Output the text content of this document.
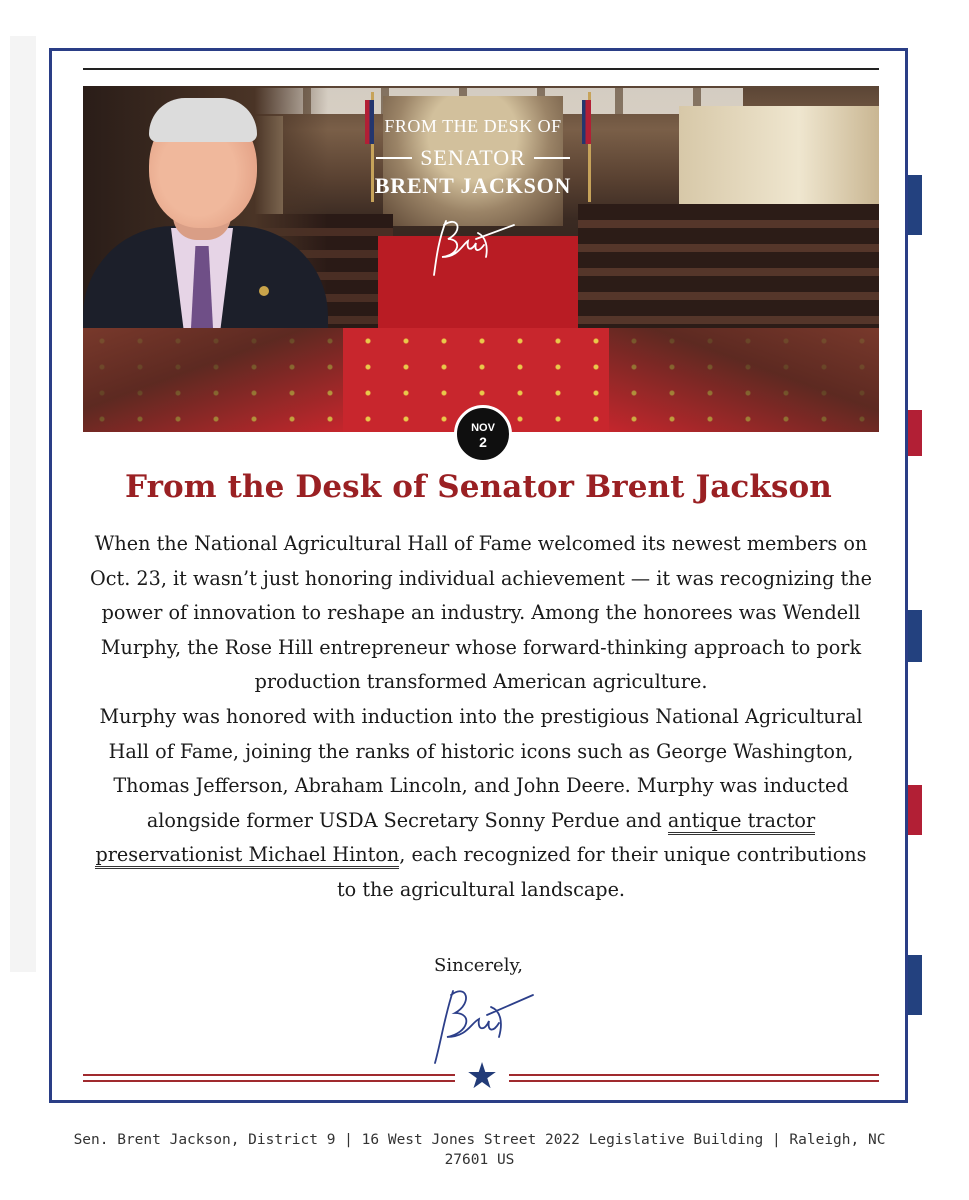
FROM THE DESK OF
SENATOR
BRENT JACKSON
NOV
2
From the Desk of Senator Brent Jackson

When the National Agricultural Hall of Fame welcomed its newest members on Oct. 23, it wasn’t just honoring individual achievement — it was recognizing the power of innovation to reshape an industry. Among the honorees was Wendell Murphy, the Rose Hill entrepreneur whose forward-thinking approach to pork production transformed American agriculture.

Murphy was honored with induction into the prestigious National Agricultural Hall of Fame, joining the ranks of historic icons such as George Washington, Thomas Jefferson, Abraham Lincoln, and John Deere. Murphy was inducted alongside former USDA Secretary Sonny Perdue and antique tractor preservationist Michael Hinton, each recognized for their unique contributions to the agricultural landscape.

Sincerely,
★
Sen. Brent Jackson, District 9 | 16 West Jones Street 2022 Legislative Building | Raleigh, NC 27601 US
